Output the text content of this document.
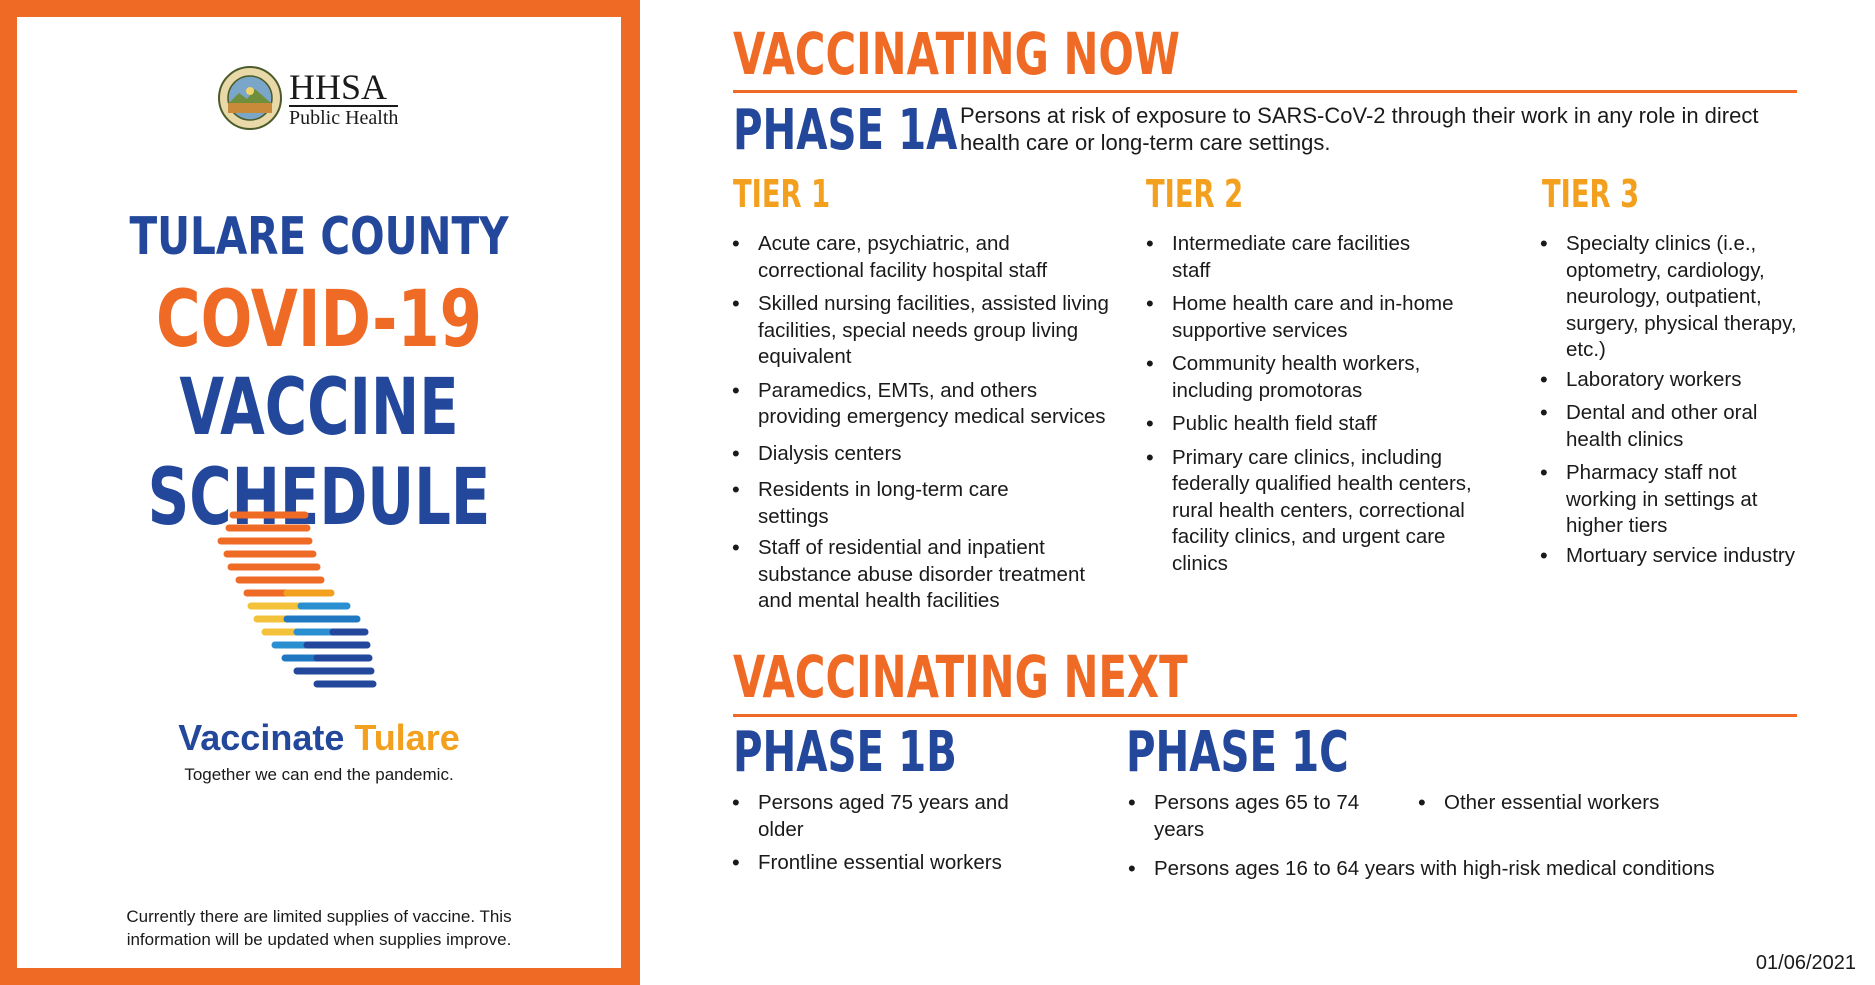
HHSA
Public Health
TULARE COUNTY
COVID-19
VACCINE SCHEDULE
Vaccinate Tulare
Together we can end the pandemic.
Currently there are limited supplies of vaccine. This information will be updated when supplies improve.
VACCINATING NOW
PHASE 1A Persons at risk of exposure to SARS-CoV-2 through their work in any role in direct health care or long-term care settings.
TIER 1
• Acute care, psychiatric, and correctional facility hospital staff
• Skilled nursing facilities, assisted living facilities, special needs group living equivalent
• Paramedics, EMTs, and others providing emergency medical services
• Dialysis centers
• Residents in long-term care settings
• Staff of residential and inpatient substance abuse disorder treatment and mental health facilities
TIER 2
• Intermediate care facilities staff
• Home health care and in-home supportive services
• Community health workers, including promotoras
• Public health field staff
• Primary care clinics, including federally qualified health centers, rural health centers, correctional facility clinics, and urgent care clinics
TIER 3
• Specialty clinics (i.e., optometry, cardiology, neurology, outpatient, surgery, physical therapy, etc.)
• Laboratory workers
• Dental and other oral health clinics
• Pharmacy staff not working in settings at higher tiers
• Mortuary service industry
VACCINATING NEXT
PHASE 1B
• Persons aged 75 years and older
• Frontline essential workers
PHASE 1C
• Persons ages 65 to 74 years
• Other essential workers
• Persons ages 16 to 64 years with high-risk medical conditions
01/06/2021
